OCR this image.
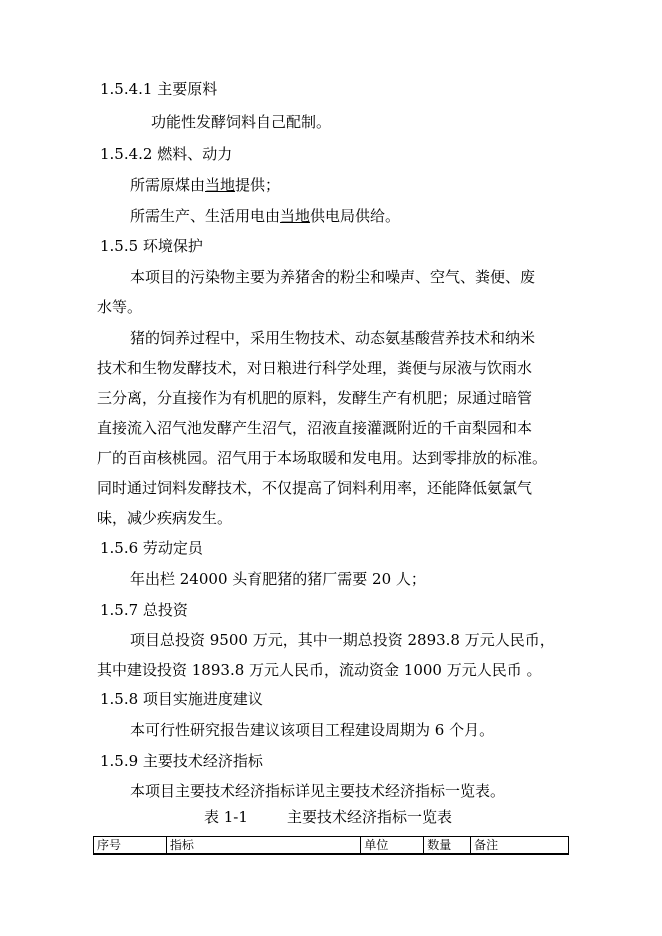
1.5.4.1 主要原料
功能性发酵饲料自己配制。
1.5.4.2 燃料、动力
所需原煤由当地提供；
所需生产、生活用电由当地供电局供给。
1.5.5 环境保护
本项目的污染物主要为养猪舍的粉尘和噪声、空气、粪便、废
水等。
猪的饲养过程中，采用生物技术、动态氨基酸营养技术和纳米
技术和生物发酵技术，对日粮进行科学处理，粪便与尿液与饮雨水
三分离，分直接作为有机肥的原料，发酵生产有机肥；尿通过暗管
直接流入沼气池发酵产生沼气，沼液直接灌溉附近的千亩梨园和本
厂的百亩核桃园。沼气用于本场取暖和发电用。达到零排放的标准。
同时通过饲料发酵技术，不仅提高了饲料利用率，还能降低氨氯气
味，减少疾病发生。
1.5.6 劳动定员
年出栏 24000 头育肥猪的猪厂需要 20 人；
1.5.7 总投资
项目总投资 9500 万元，其中一期总投资 2893.8 万元人民币，
其中建设投资 1893.8 万元人民币，流动资金 1000 万元人民币 。
1.5.8 项目实施进度建议
本可行性研究报告建议该项目工程建设周期为 6 个月。
1.5.9 主要技术经济指标
本项目主要技术经济指标详见主要技术经济指标一览表。
表 1-1	主要技术经济指标一览表
序号	指标	单位	数量	备注
